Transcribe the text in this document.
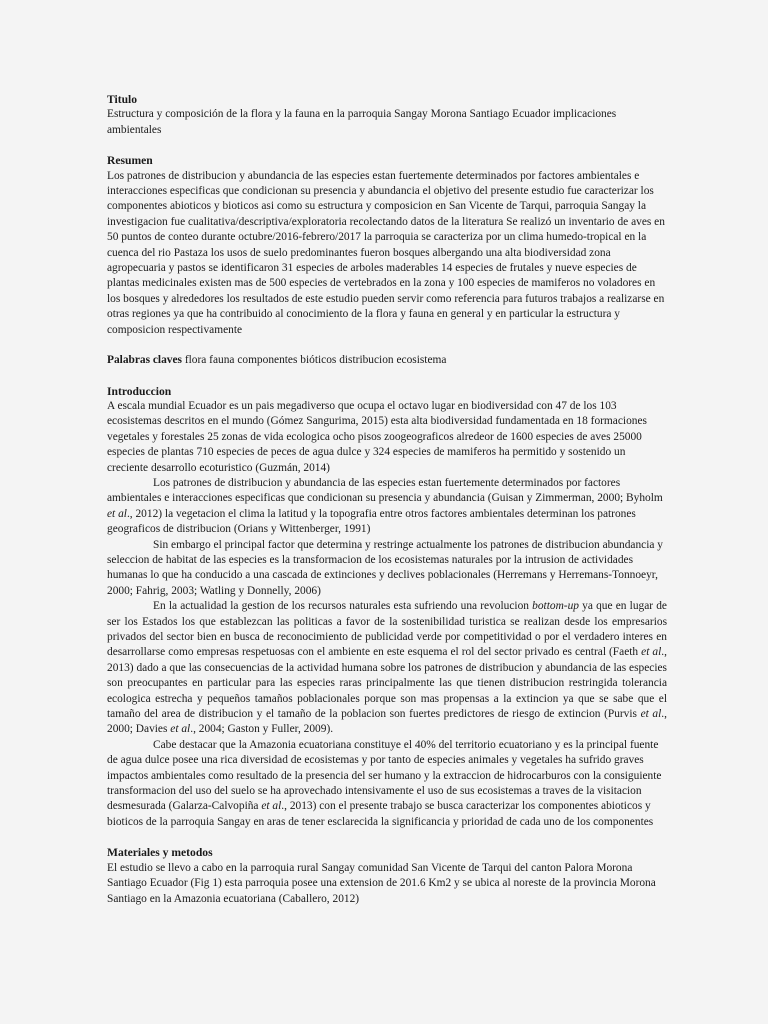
Titulo

Estructura y composición de la flora y la fauna en la parroquia Sangay Morona Santiago Ecuador implicaciones ambientales

Resumen

Los patrones de distribucion y abundancia de las especies estan fuertemente determinados por factores ambientales e interacciones especificas que condicionan su presencia y abundancia el objetivo del presente estudio fue caracterizar los componentes abioticos y bioticos asi como su estructura y composicion en San Vicente de Tarqui, parroquia Sangay la investigacion fue cualitativa/descriptiva/exploratoria recolectando datos de la literatura Se realizó un inventario de aves en 50 puntos de conteo durante octubre/2016-febrero/2017 la parroquia se caracteriza por un clima humedo-tropical en la cuenca del rio Pastaza los usos de suelo predominantes fueron bosques albergando una alta biodiversidad zona agropecuaria y pastos se identificaron 31 especies de arboles maderables 14 especies de frutales y nueve especies de plantas medicinales existen mas de 500 especies de vertebrados en la zona y 100 especies de mamiferos no voladores en los bosques y alrededores los resultados de este estudio pueden servir como referencia para futuros trabajos a realizarse en otras regiones ya que ha contribuido al conocimiento de la flora y fauna en general y en particular la estructura y composicion respectivamente

Palabras claves flora fauna componentes bióticos distribucion ecosistema

Introduccion

A escala mundial Ecuador es un pais megadiverso que ocupa el octavo lugar en biodiversidad con 47 de los 103 ecosistemas descritos en el mundo (Gómez Sangurima, 2015) esta alta biodiversidad fundamentada en 18 formaciones vegetales y forestales 25 zonas de vida ecologica ocho pisos zoogeograficos alredeor de 1600 especies de aves 25000 especies de plantas 710 especies de peces de agua dulce y 324 especies de mamiferos ha permitido y sostenido un creciente desarrollo ecoturistico (Guzmán, 2014)

Los patrones de distribucion y abundancia de las especies estan fuertemente determinados por factores ambientales e interacciones especificas que condicionan su presencia y abundancia (Guisan y Zimmerman, 2000; Byholm et al., 2012) la vegetacion el clima la latitud y la topografia entre otros factores ambientales determinan los patrones geograficos de distribucion (Orians y Wittenberger, 1991)

Sin embargo el principal factor que determina y restringe actualmente los patrones de distribucion abundancia y seleccion de habitat de las especies es la transformacion de los ecosistemas naturales por la intrusion de actividades humanas lo que ha conducido a una cascada de extinciones y declives poblacionales (Herremans y Herremans-Tonnoeyr, 2000; Fahrig, 2003; Watling y Donnelly, 2006)

En la actualidad la gestion de los recursos naturales esta sufriendo una revolucion bottom-up ya que en lugar de ser los Estados los que establezcan las politicas a favor de la sostenibilidad turistica se realizan desde los empresarios privados del sector bien en busca de reconocimiento de publicidad verde por competitividad o por el verdadero interes en desarrollarse como empresas respetuosas con el ambiente en este esquema el rol del sector privado es central (Faeth et al., 2013) dado a que las consecuencias de la actividad humana sobre los patrones de distribucion y abundancia de las especies son preocupantes en particular para las especies raras principalmente las que tienen distribucion restringida tolerancia ecologica estrecha y pequeños tamaños poblacionales porque son mas propensas a la extincion ya que se sabe que el tamaño del area de distribucion y el tamaño de la poblacion son fuertes predictores de riesgo de extincion (Purvis et al., 2000; Davies et al., 2004; Gaston y Fuller, 2009).

Cabe destacar que la Amazonia ecuatoriana constituye el 40% del territorio ecuatoriano y es la principal fuente de agua dulce posee una rica diversidad de ecosistemas y por tanto de especies animales y vegetales ha sufrido graves impactos ambientales como resultado de la presencia del ser humano y la extraccion de hidrocarburos con la consiguiente transformacion del uso del suelo se ha aprovechado intensivamente el uso de sus ecosistemas a traves de la visitacion desmesurada (Galarza-Calvopiña et al., 2013) con el presente trabajo se busca caracterizar los componentes abioticos y bioticos de la parroquia Sangay en aras de tener esclarecida la significancia y prioridad de cada uno de los componentes

Materiales y metodos

El estudio se llevo a cabo en la parroquia rural Sangay comunidad San Vicente de Tarqui del canton Palora Morona Santiago Ecuador (Fig 1) esta parroquia posee una extension de 201.6 Km2 y se ubica al noreste de la provincia Morona Santiago en la Amazonia ecuatoriana (Caballero, 2012)
